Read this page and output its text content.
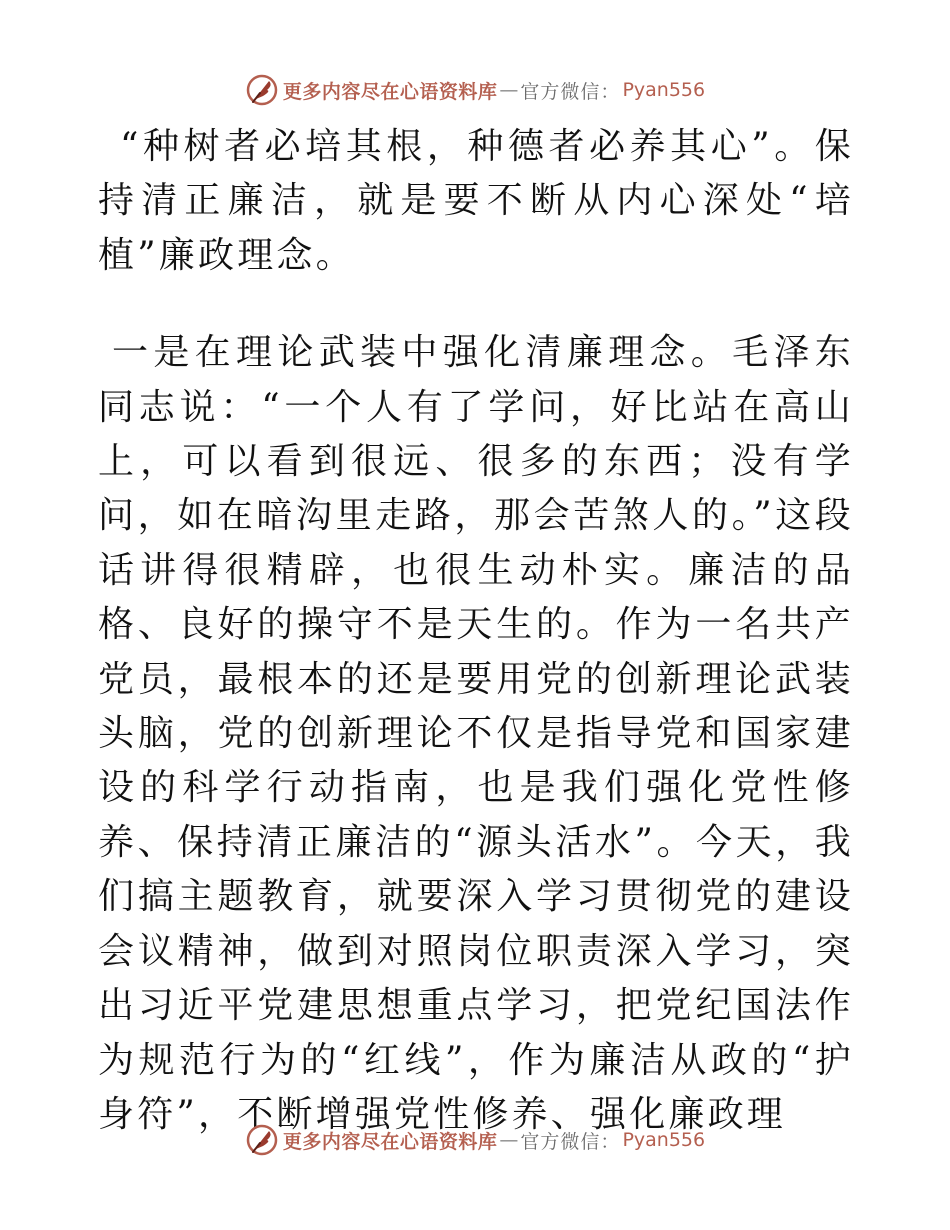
更多内容尽在心语资料库 — 官方微信： Pyan556

“种树者必培其根，种德者必养其心”。保持清正廉洁，就是要不断从内心深处“培植”廉政理念。

一是在理论武装中强化清廉理念。毛泽东同志说：“一个人有了学问，好比站在高山上，可以看到很远、很多的东西；没有学问，如在暗沟里走路，那会苦煞人的。”这段话讲得很精辟，也很生动朴实。廉洁的品格、良好的操守不是天生的。作为一名共产党员，最根本的还是要用党的创新理论武装头脑，党的创新理论不仅是指导党和国家建设的科学行动指南，也是我们强化党性修养、保持清正廉洁的“源头活水”。今天，我们搞主题教育，就要深入学习贯彻党的建设会议精神，做到对照岗位职责深入学习，突出习近平党建思想重点学习，把党纪国法作为规范行为的“红线”，作为廉洁从政的“护身符”，不断增强党性修养、强化廉政理

更多内容尽在心语资料库 — 官方微信： Pyan556
